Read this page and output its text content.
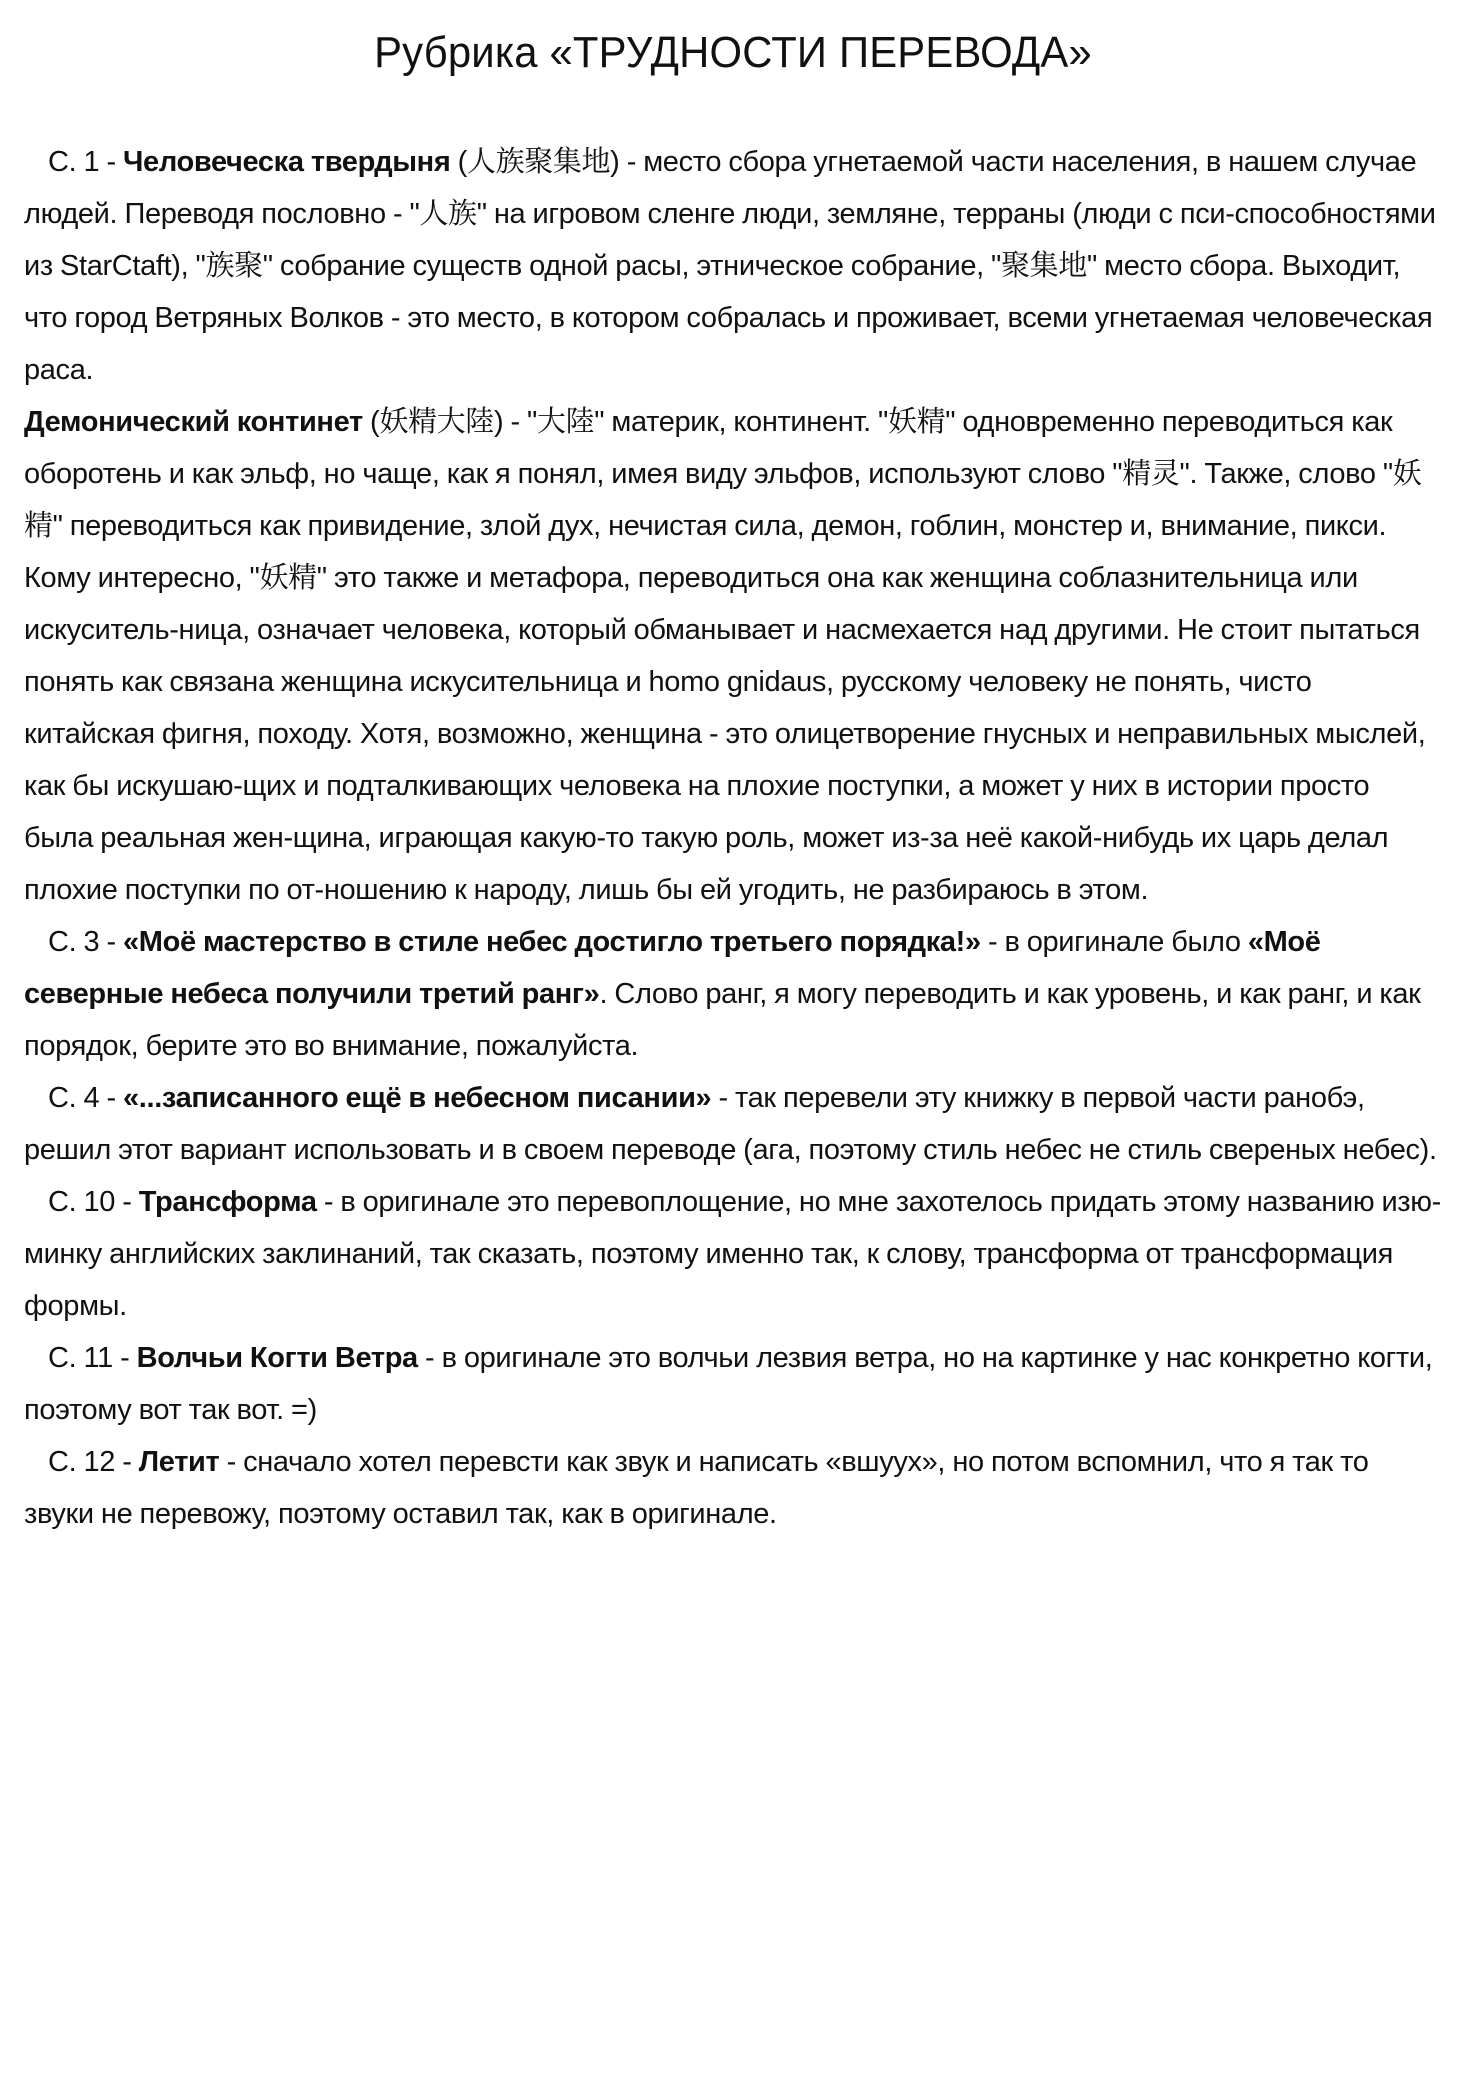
Рубрика «ТРУДНОСТИ ПЕРЕВОДА»

С. 1 - Человеческа твердыня (人族聚集地) - место сбора угнетаемой части населения, в нашем случае людей. Переводя пословно - "人族" на игровом сленге люди, земляне, терраны (люди с пси-способностями из StarCtaft), "族聚" собрание существ одной расы, этническое собрание, "聚集地" место сбора. Выходит, что город Ветряных Волков - это место, в котором собралась и проживает, всеми угнетаемая человеческая раса.

Демонический континет (妖精大陸) - "大陸" материк, континент. "妖精" одновременно переводиться как оборотень и как эльф, но чаще, как я понял, имея виду эльфов, используют слово "精灵". Также, слово "妖精" переводиться как привидение, злой дух, нечистая сила, демон, гоблин, монстер и, внимание, пикси. Кому интересно, "妖精" это также и метафора, переводиться она как женщина соблазнительница или искуситель-ница, означает человека, который обманывает и насмехается над другими. Не стоит пытаться понять как связана женщина искусительница и homo gnidaus, русскому человеку не понять, чисто китайская фигня, походу. Хотя, возможно, женщина - это олицетворение гнусных и неправильных мыслей, как бы искушаю-щих и подталкивающих человека на плохие поступки, а может у них в истории просто была реальная жен-щина, играющая какую-то такую роль, может из-за неё какой-нибудь их царь делал плохие поступки по от-ношению к народу, лишь бы ей угодить, не разбираюсь в этом.

С. 3 - «Моё мастерство в стиле небес достигло третьего порядка!» - в оригинале было «Моё северные небеса получили третий ранг». Слово ранг, я могу переводить и как уровень, и как ранг, и как порядок, берите это во внимание, пожалуйста.

С. 4 - «...записанного ещё в небесном писании» - так перевели эту книжку в первой части ранобэ, решил этот вариант использовать и в своем переводе (ага, поэтому стиль небес не стиль свереных небес).

С. 10 - Трансформа - в оригинале это перевоплощение, но мне захотелось придать этому названию изю-минку английских заклинаний, так сказать, поэтому именно так, к слову, трансформа от трансформация формы.

С. 11 - Волчьи Когти Ветра - в оригинале это волчьи лезвия ветра, но на картинке у нас конкретно когти, поэтому вот так вот. =)

С. 12 - Летит - сначало хотел перевсти как звук и написать «вшуух», но потом вспомнил, что я так то звуки не перевожу, поэтому оставил так, как в оригинале.
